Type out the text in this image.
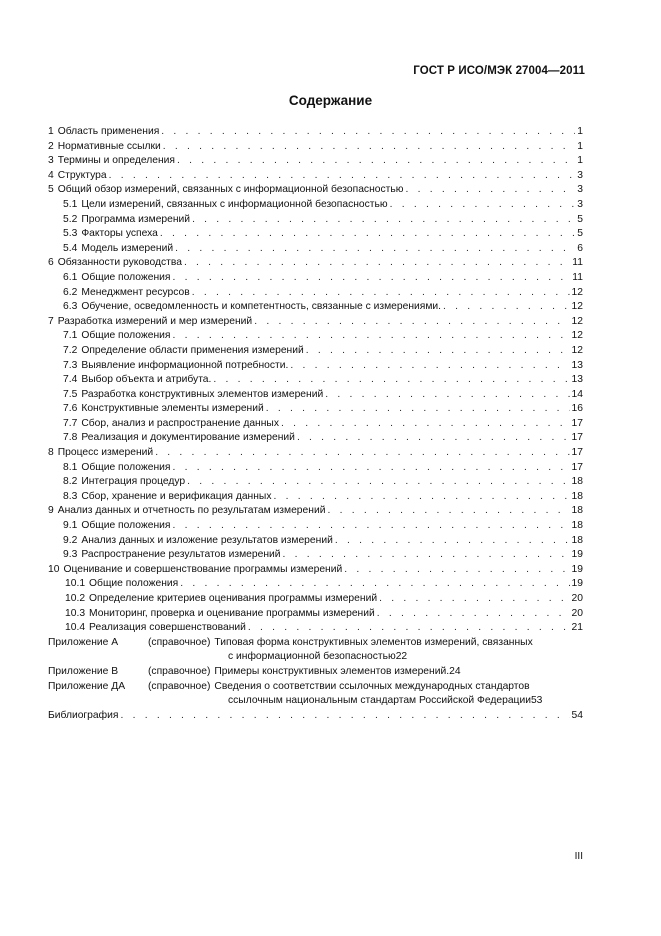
ГОСТ Р ИСО/МЭК 27004—2011
Содержание
1 Область применения . . .	1
2 Нормативные ссылки . . .	1
3 Термины и определения . . .	1
4 Структура . . .	3
5 Общий обзор измерений, связанных с информационной безопасностью . . .	3
5.1 Цели измерений, связанных с информационной безопасностью . . .	3
5.2 Программа измерений . . .	5
5.3 Факторы успеха . . .	5
5.4 Модель измерений . . .	6
6 Обязанности руководства . . .	11
6.1 Общие положения . . .	11
6.2 Менеджмент ресурсов . . .	12
6.3 Обучение, осведомленность и компетентность, связанные с измерениями. . . .	12
7 Разработка измерений и мер измерений . . .	12
7.1 Общие положения . . .	12
7.2 Определение области применения измерений . . .	12
7.3 Выявление информационной потребности. . . .	13
7.4 Выбор объекта и атрибута. . . .	13
7.5 Разработка конструктивных элементов измерений . . .	14
7.6 Конструктивные элементы измерений . . .	16
7.7 Сбор, анализ и распространение данных . . .	17
7.8 Реализация и документирование измерений . . .	17
8 Процесс измерений . . .	17
8.1 Общие положения . . .	17
8.2 Интеграция процедур . . .	18
8.3 Сбор, хранение и верификация данных . . .	18
9 Анализ данных и отчетность по результатам измерений . . .	18
9.1 Общие положения . . .	18
9.2 Анализ данных и изложение результатов измерений . . .	18
9.3 Распространение результатов измерений . . .	19
10 Оценивание и совершенствование программы измерений . . .	19
10.1 Общие положения . . .	19
10.2 Определение критериев оценивания программы измерений . . .	20
10.3 Мониторинг, проверка и оценивание программы измерений . . .	20
10.4 Реализация совершенствований . . .	21
Приложение А	(справочное) Типовая форма конструктивных элементов измерений, связанных
с информационной безопасностью 22
Приложение В	(справочное) Примеры конструктивных элементов измерений. 24
Приложение ДА	(справочное) Сведения о соответствии ссылочных международных стандартов
ссылочным национальным стандартам Российской Федерации 53
Библиография . . .	54
III
